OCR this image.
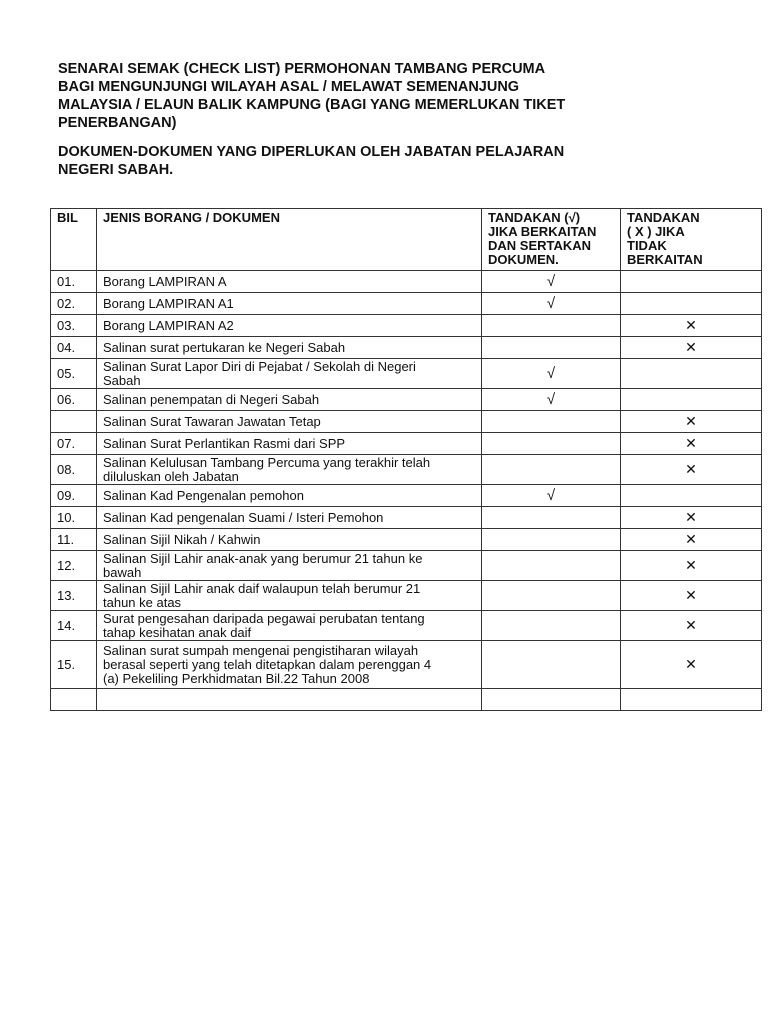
SENARAI SEMAK (CHECK LIST) PERMOHONAN TAMBANG PERCUMA
BAGI MENGUNJUNGI WILAYAH ASAL / MELAWAT SEMENANJUNG
MALAYSIA / ELAUN BALIK KAMPUNG (BAGI YANG MEMERLUKAN TIKET
PENERBANGAN)
DOKUMEN-DOKUMEN YANG DIPERLUKAN OLEH JABATAN PELAJARAN
NEGERI SABAH.
BIL	JENIS BORANG / DOKUMEN	TANDAKAN (√)
JIKA BERKAITAN
DAN SERTAKAN
DOKUMEN.	TANDAKAN
( X ) JIKA
TIDAK
BERKAITAN

01.	Borang LAMPIRAN A	√	
02.	Borang LAMPIRAN A1	√	
03.	Borang LAMPIRAN A2		✕
04.	Salinan surat pertukaran ke Negeri Sabah		✕
05.	Salinan Surat Lapor Diri di Pejabat / Sekolah di Negeri
Sabah	√	
06.	Salinan penempatan di Negeri Sabah	√	

	Salinan Surat Tawaran Jawatan Tetap		✕
07.	Salinan Surat Perlantikan Rasmi dari SPP		✕
08.	Salinan Kelulusan Tambang Percuma yang terakhir telah
diluluskan oleh Jabatan		✕
09.	Salinan Kad Pengenalan pemohon	√	
10.	Salinan Kad pengenalan Suami / Isteri Pemohon		✕
11.	Salinan Sijil Nikah / Kahwin		✕
12.	Salinan Sijil Lahir anak-anak yang berumur 21 tahun ke
bawah		✕
13.	Salinan Sijil Lahir anak daif walaupun telah berumur 21
tahun ke atas		✕
14.	Surat pengesahan daripada pegawai perubatan tentang
tahap kesihatan anak daif		✕
15.	Salinan surat sumpah mengenai pengistiharan wilayah
berasal seperti yang telah ditetapkan dalam perenggan 4
(a) Pekeliling Perkhidmatan Bil.22 Tahun 2008		✕
